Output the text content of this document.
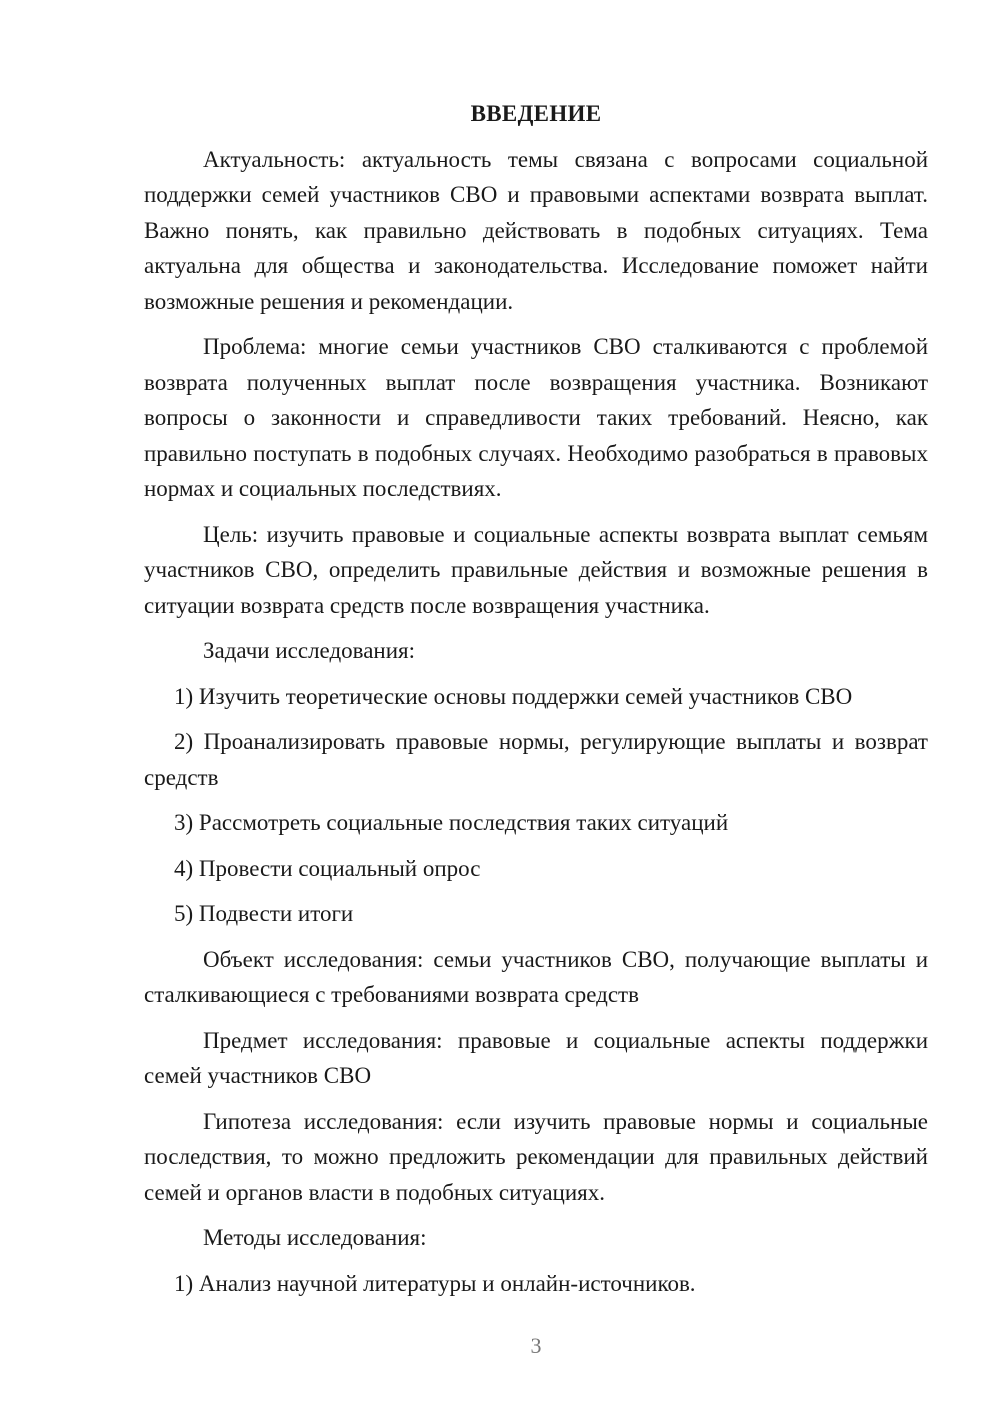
ВВЕДЕНИЕ
Актуальность: актуальность темы связана с вопросами социальной поддержки семей участников СВО и правовыми аспектами возврата выплат. Важно понять, как правильно действовать в подобных ситуациях. Тема актуальна для общества и законодательства. Исследование поможет найти возможные решения и рекомендации.
Проблема: многие семьи участников СВО сталкиваются с проблемой возврата полученных выплат после возвращения участника. Возникают вопросы о законности и справедливости таких требований. Неясно, как правильно поступать в подобных случаях. Необходимо разобраться в правовых нормах и социальных последствиях.
Цель: изучить правовые и социальные аспекты возврата выплат семьям участников СВО, определить правильные действия и возможные решения в ситуации возврата средств после возвращения участника.
Задачи исследования:
1) Изучить теоретические основы поддержки семей участников СВО
2) Проанализировать правовые нормы, регулирующие выплаты и возврат средств
3) Рассмотреть социальные последствия таких ситуаций
4) Провести социальный опрос
5) Подвести итоги
Объект исследования: семьи участников СВО, получающие выплаты и сталкивающиеся с требованиями возврата средств
Предмет исследования: правовые и социальные аспекты поддержки семей участников СВО
Гипотеза исследования: если изучить правовые нормы и социальные последствия, то можно предложить рекомендации для правильных действий семей и органов власти в подобных ситуациях.
Методы исследования:
1) Анализ научной литературы и онлайн-источников.
3
